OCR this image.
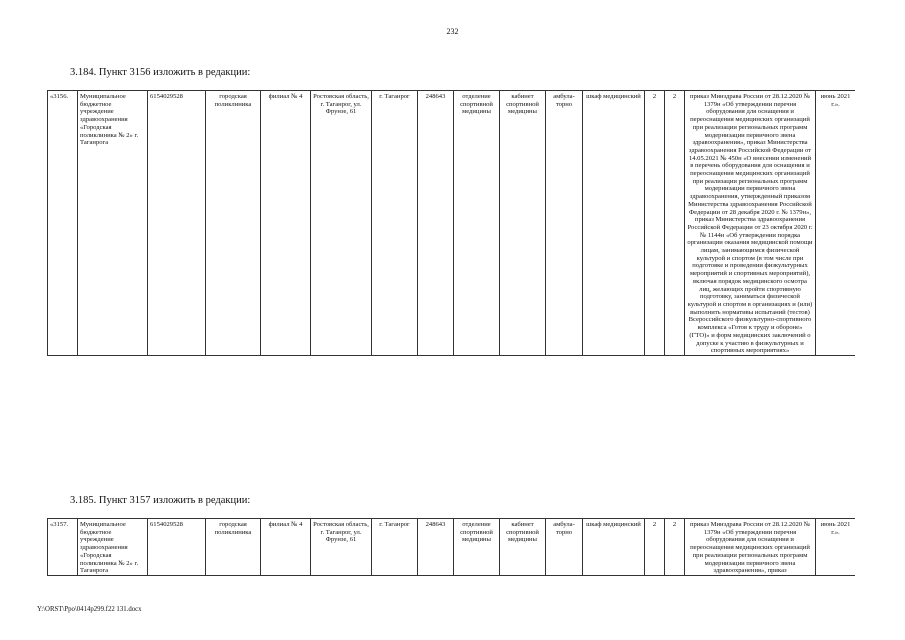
232
3.184. Пункт 3156 изложить в редакции:
«3156.	Муниципальное бюджетное учреждение здравоохранения «Городская поликлиника № 2» г. Таганрога	6154029528	городская поликлиника	филиал № 4	Ростовская область, г. Таганрог, ул. Фрунзе, 61	г. Таганрог	248643	отделение спортивной медицины	кабинет спортивной медицины	амбула-торно	шкаф медицинский	2	2	приказ Минздрава России от 28.12.2020 № 1379н «Об утверждении перечня оборудования для оснащения и переоснащения медицинских организаций при реализации региональных программ модернизации первичного звена здравоохранения», приказ Министерства здравоохранения Российской Федерации от 14.05.2021 № 450н «О внесении изменений в перечень оборудования для оснащения и переоснащения медицинских организаций при реализации региональных программ модернизации первичного звена здравоохранения, утвержденный приказом Министерства здравоохранения Российской Федерации от 28 декабря 2020 г. № 1379н», приказ Министерства здравоохранения Российской Федерации от 23 октября 2020 г. № 1144н «Об утверждении порядка организации оказания медицинской помощи лицам, занимающимся физической культурой и спортом (в том числе при подготовке и проведении физкультурных мероприятий и спортивных мероприятий), включая порядок медицинского осмотра лиц, желающих пройти спортивную подготовку, заниматься физической культурой и спортом в организациях и (или) выполнить нормативы испытаний (тестов) Всероссийского физкультурно-спортивного комплекса «Готов к труду и обороне» (ГТО)» и форм медицинских заключений о допуске к участию в физкультурных и спортивных мероприятиях»	июнь 2021 г.».
3.185. Пункт 3157 изложить в редакции:
«3157.	Муниципальное бюджетное учреждение здравоохранения «Городская поликлиника № 2» г. Таганрога	6154029528	городская поликлиника	филиал № 4	Ростовская область, г. Таганрог, ул. Фрунзе, 61	г. Таганрог	248643	отделение спортивной медицины	кабинет спортивной медицины	амбула-торно	шкаф медицинский	2	2	приказ Минздрава России от 28.12.2020 № 1379н «Об утверждении перечня оборудования для оснащения и переоснащения медицинских организаций при реализации региональных программ модернизации первичного звена здравоохранения», приказ	июнь 2021 г.».
Y:\ORST\Ppo\0414p299.f22 131.docx
